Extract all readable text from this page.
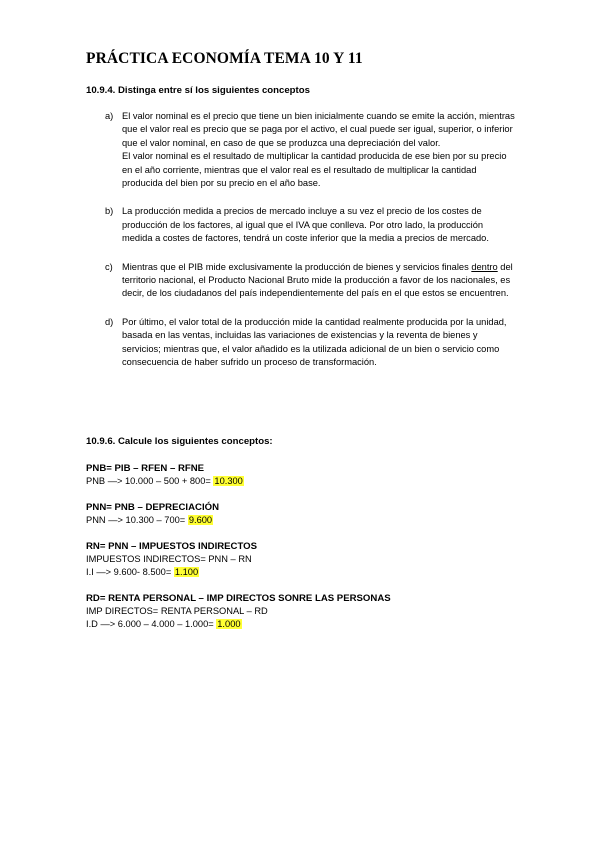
PRÁCTICA ECONOMÍA TEMA 10 Y 11
10.9.4. Distinga entre sí los siguientes conceptos
a) El valor nominal es el precio que tiene un bien inicialmente cuando se emite la acción, mientras que el valor real es precio que se paga por el activo, el cual puede ser igual, superior, o inferior que el valor nominal, en caso de que se produzca una depreciación del valor.

El valor nominal es el resultado de multiplicar la cantidad producida de ese bien por su precio en el año corriente, mientras que el valor real es el resultado de multiplicar la cantidad producida del bien por su precio en el año base.

b) La producción medida a precios de mercado incluye a su vez el precio de los costes de producción de los factores, al igual que el IVA que conlleva. Por otro lado, la producción medida a costes de factores, tendrá un coste inferior que la media a precios de mercado.

c) Mientras que el PIB mide exclusivamente la producción de bienes y servicios finales dentro del territorio nacional, el Producto Nacional Bruto mide la producción a favor de los nacionales, es decir, de los ciudadanos del país independientemente del país en el que estos se encuentren.

d) Por último, el valor total de la producción mide la cantidad realmente producida por la unidad, basada en las ventas, incluidas las variaciones de existencias y la reventa de bienes y servicios; mientras que, el valor añadido es la utilizada adicional de un bien o servicio como consecuencia de haber sufrido un proceso de transformación.

10.9.6. Calcule los siguientes conceptos:
PNB= PIB – RFEN – RFNE
PNB —> 10.000 – 500 + 800= 10.300
PNN= PNB – DEPRECIACIÓN
PNN —> 10.300 – 700= 9.600
RN= PNN – IMPUESTOS INDIRECTOS
IMPUESTOS INDIRECTOS= PNN – RN
I.I —> 9.600- 8.500= 1.100
RD= RENTA PERSONAL – IMP DIRECTOS SONRE LAS PERSONAS
IMP DIRECTOS= RENTA PERSONAL – RD
I.D —> 6.000 – 4.000 – 1.000= 1.000
